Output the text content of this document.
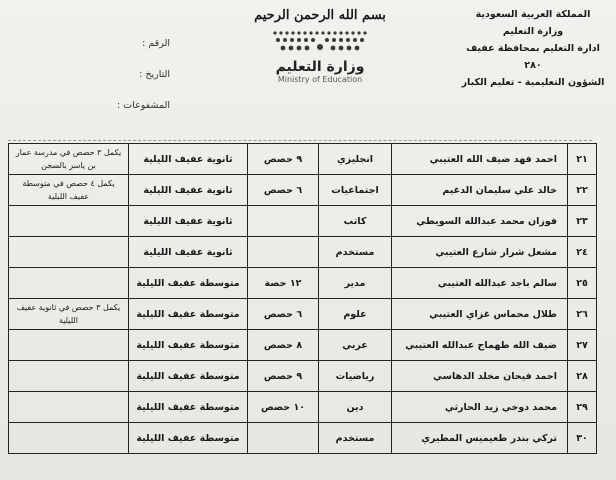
المملكة العربية السعودية
وزارة التعليم
ادارة التعليم بمحافظة عفيف
٢٨٠
الشؤون التعليمية - تعليم الكبار
بسم الله الرحمن الرحيم
وزارة التعليم
Ministry of Education
الرقم :
التاريخ :
المشفوعات :
٢١	احمد فهد ضيف الله العتيبي	انجليزي	٩ حصص	ثانوية عفيف الليلية	يكمل ٣ حصص في مدرسة عمار بن ياسر بالسجن
٢٢	خالد علي سليمان الدغيم	اجتماعيات	٦ حصص	ثانوية عفيف الليلية	يكمل ٤ حصص في متوسطة عفيف الليلية
٢٣	فوزان محمد عبدالله السويطي	كاتب		ثانوية عفيف الليلية	
٢٤	مشعل شرار شارع العتيبي	مستخدم		ثانوية عفيف الليلية	
٢٥	سالم باجد عبدالله العتيبي	مدير	١٢ حصة	متوسطة عفيف الليلية	
٢٦	طلال محماس غزاي العتيبي	علوم	٦ حصص	متوسطة عفيف الليلية	يكمل ٣ حصص في ثانوية عفيف الليلية
٢٧	ضيف الله طهماج عبدالله العتيبي	عربي	٨ حصص	متوسطة عفيف الليلية	
٢٨	احمد فيحان مخلد الدهاسي	رياضيات	٩ حصص	متوسطة عفيف الليلية	
٢٩	محمد دوخي زيد الحارثي	دين	١٠ حصص	متوسطة عفيف الليلية	
٣٠	تركي بندر طعيميس المطيري	مستخدم		متوسطة عفيف الليلية	
